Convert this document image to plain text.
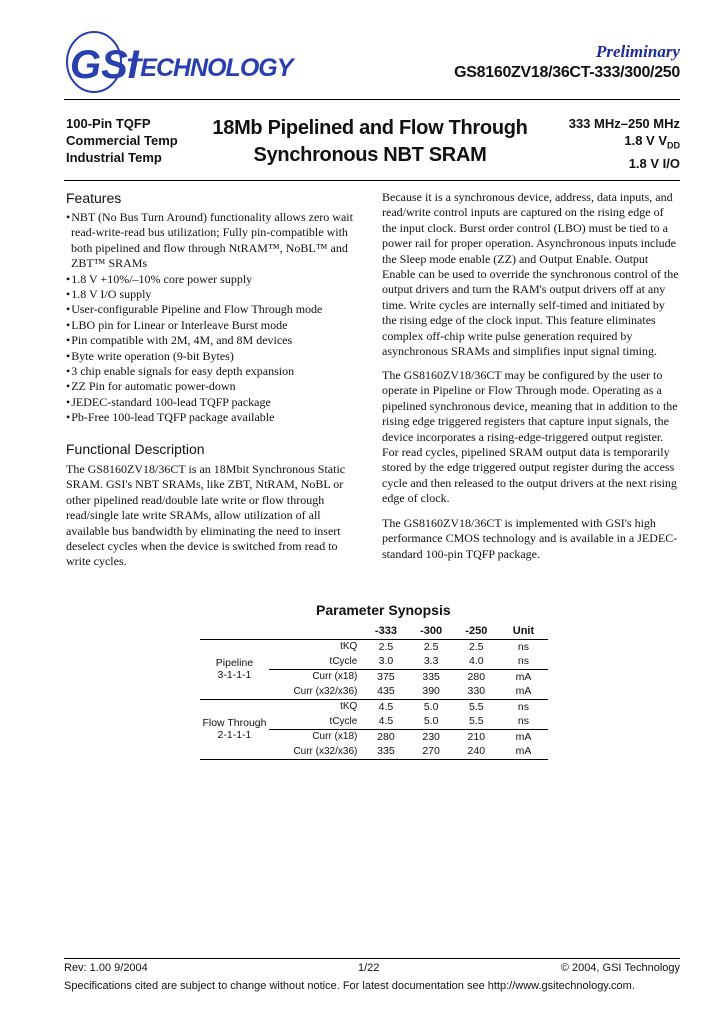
GSI
TECHNOLOGY
Preliminary
GS8160ZV18/36CT-333/300/250
100-Pin TQFP
Commercial Temp
Industrial Temp
18Mb Pipelined and Flow Through
Synchronous NBT SRAM
333 MHz–250 MHz
1.8 V $V_{DD}$
1.8 V I/O
Features
• NBT (No Bus Turn Around) functionality allows zero wait read-write-read bus utilization; Fully pin-compatible with both pipelined and flow through NtRAM™, NoBL™ and ZBT™ SRAMs
• 1.8 V +10%/–10% core power supply
• 1.8 V I/O supply
• User-configurable Pipeline and Flow Through mode
• LBO pin for Linear or Interleave Burst mode
• Pin compatible with 2M, 4M, and 8M devices
• Byte write operation (9-bit Bytes)
• 3 chip enable signals for easy depth expansion
• ZZ Pin for automatic power-down
• JEDEC-standard 100-lead TQFP package
• Pb-Free 100-lead TQFP package available
Functional Description

The GS8160ZV18/36CT is an 18Mbit Synchronous Static SRAM. GSI's NBT SRAMs, like ZBT, NtRAM, NoBL or other pipelined read/double late write or flow through read/single late write SRAMs, allow utilization of all available bus bandwidth by eliminating the need to insert deselect cycles when the device is switched from read to write cycles.

Because it is a synchronous device, address, data inputs, and read/write control inputs are captured on the rising edge of the input clock. Burst order control (LBO) must be tied to a power rail for proper operation. Asynchronous inputs include the Sleep mode enable (ZZ) and Output Enable. Output Enable can be used to override the synchronous control of the output drivers and turn the RAM's output drivers off at any time. Write cycles are internally self-timed and initiated by the rising edge of the clock input. This feature eliminates complex off-chip write pulse generation required by asynchronous SRAMs and simplifies input signal timing.

The GS8160ZV18/36CT may be configured by the user to operate in Pipeline or Flow Through mode. Operating as a pipelined synchronous device, meaning that in addition to the rising edge triggered registers that capture input signals, the device incorporates a rising-edge-triggered output register. For read cycles, pipelined SRAM output data is temporarily stored by the edge triggered output register during the access cycle and then released to the output drivers at the next rising edge of clock.

The GS8160ZV18/36CT is implemented with GSI's high performance CMOS technology and is available in a JEDEC-standard 100-pin TQFP package.

Parameter Synopsis
		-333	-300	-250	Unit

Pipeline
3-1-1-1	tKQ	2.5	2.5	2.5	ns
	tCycle	3.0	3.3	4.0	ns
	Curr (x18)	375	335	280	mA
	Curr (x32/x36)	435	390	330	mA

Flow Through
2-1-1-1	tKQ	4.5	5.0	5.5	ns
	tCycle	4.5	5.0	5.5	ns
	Curr (x18)	280	230	210	mA
	Curr (x32/x36)	335	270	240	mA
Rev: 1.00 9/2004	1/22	© 2004, GSI Technology
Specifications cited are subject to change without notice. For latest documentation see http://www.gsitechnology.com.
